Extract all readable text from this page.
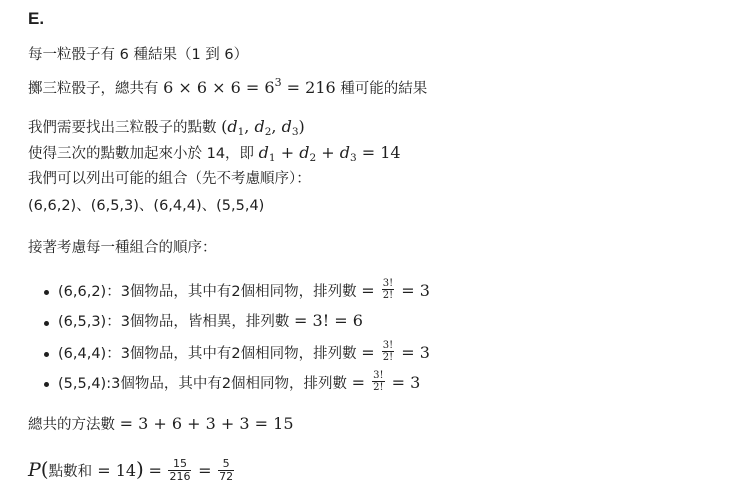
E.
每一粒骰子有 6 種結果（1 到 6）
擲三粒骰子，總共有 $6 \times 6 \times 6 = 6^3 = 216$ 種可能的結果
我們需要找出三粒骰子的點數 ($d_1$, $d_2$, $d_3$)
使得三次的點數加起來小於 14，即 $d_1 + d_2 + d_3 = 14$
我們可以列出可能的組合（先不考慮順序）：
(6,6,2)、(6,5,3)、(6,4,4)、(5,5,4)
接著考慮每一種組合的順序：
(6,6,2)：3個物品，其中有2個相同物，排列數 = $\frac{3!}{2!} = 3$
(6,5,3)：3個物品，皆相異，排列數 = 3! = 6
(6,4,4)：3個物品，其中有2個相同物，排列數 = $\frac{3!}{2!} = 3$
(5,5,4):3個物品，其中有2個相同物，排列數 = $\frac{3!}{2!} = 3$
總共的方法數 = 3 + 6 + 3 + 3 = 15
P(點數和 = $14) = \frac{15}{216} = \frac{5}{72}$
